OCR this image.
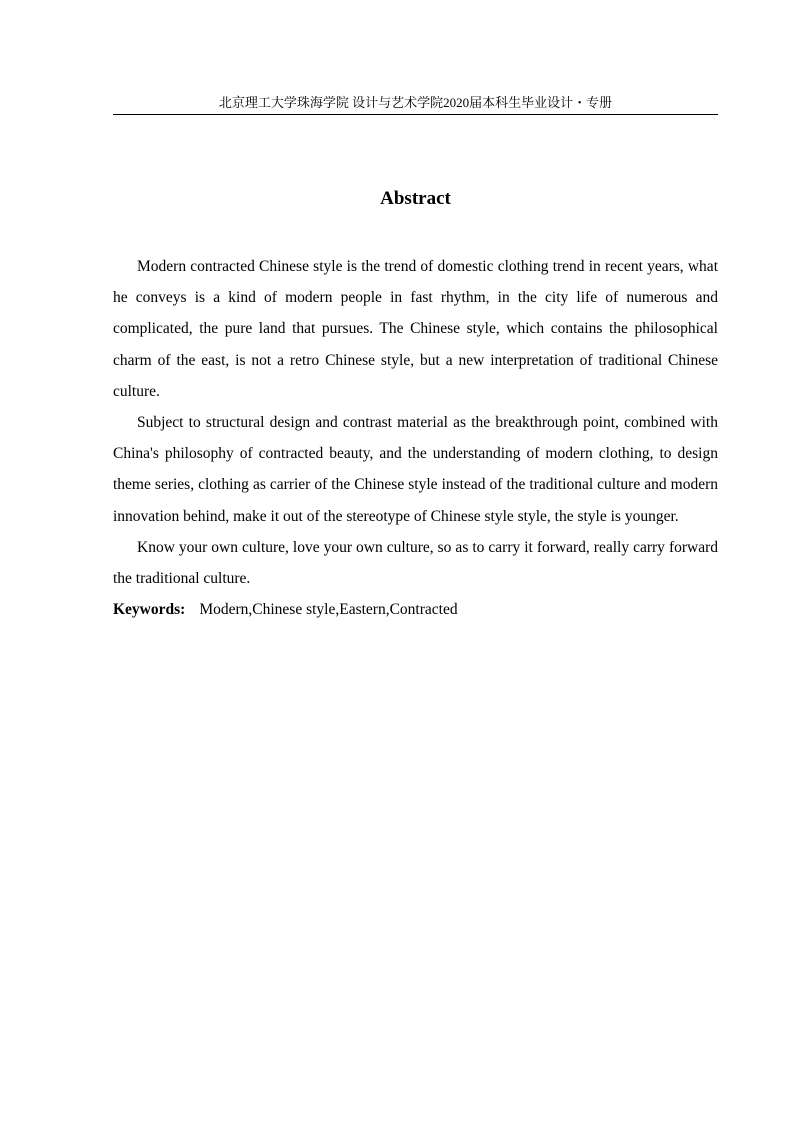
北京理工大学珠海学院 设计与艺术学院2020届本科生毕业设计・专册
Abstract

Modern contracted Chinese style is the trend of domestic clothing trend in recent years, what he conveys is a kind of modern people in fast rhythm, in the city life of numerous and complicated, the pure land that pursues. The Chinese style, which contains the philosophical charm of the east, is not a retro Chinese style, but a new interpretation of traditional Chinese culture.

Subject to structural design and contrast material as the breakthrough point, combined with China's philosophy of contracted beauty, and the understanding of modern clothing, to design theme series, clothing as carrier of the Chinese style instead of the traditional culture and modern innovation behind, make it out of the stereotype of Chinese style style, the style is younger.

Know your own culture, love your own culture, so as to carry it forward, really carry forward the traditional culture.

Keywords: Modern,Chinese style,Eastern,Contracted
